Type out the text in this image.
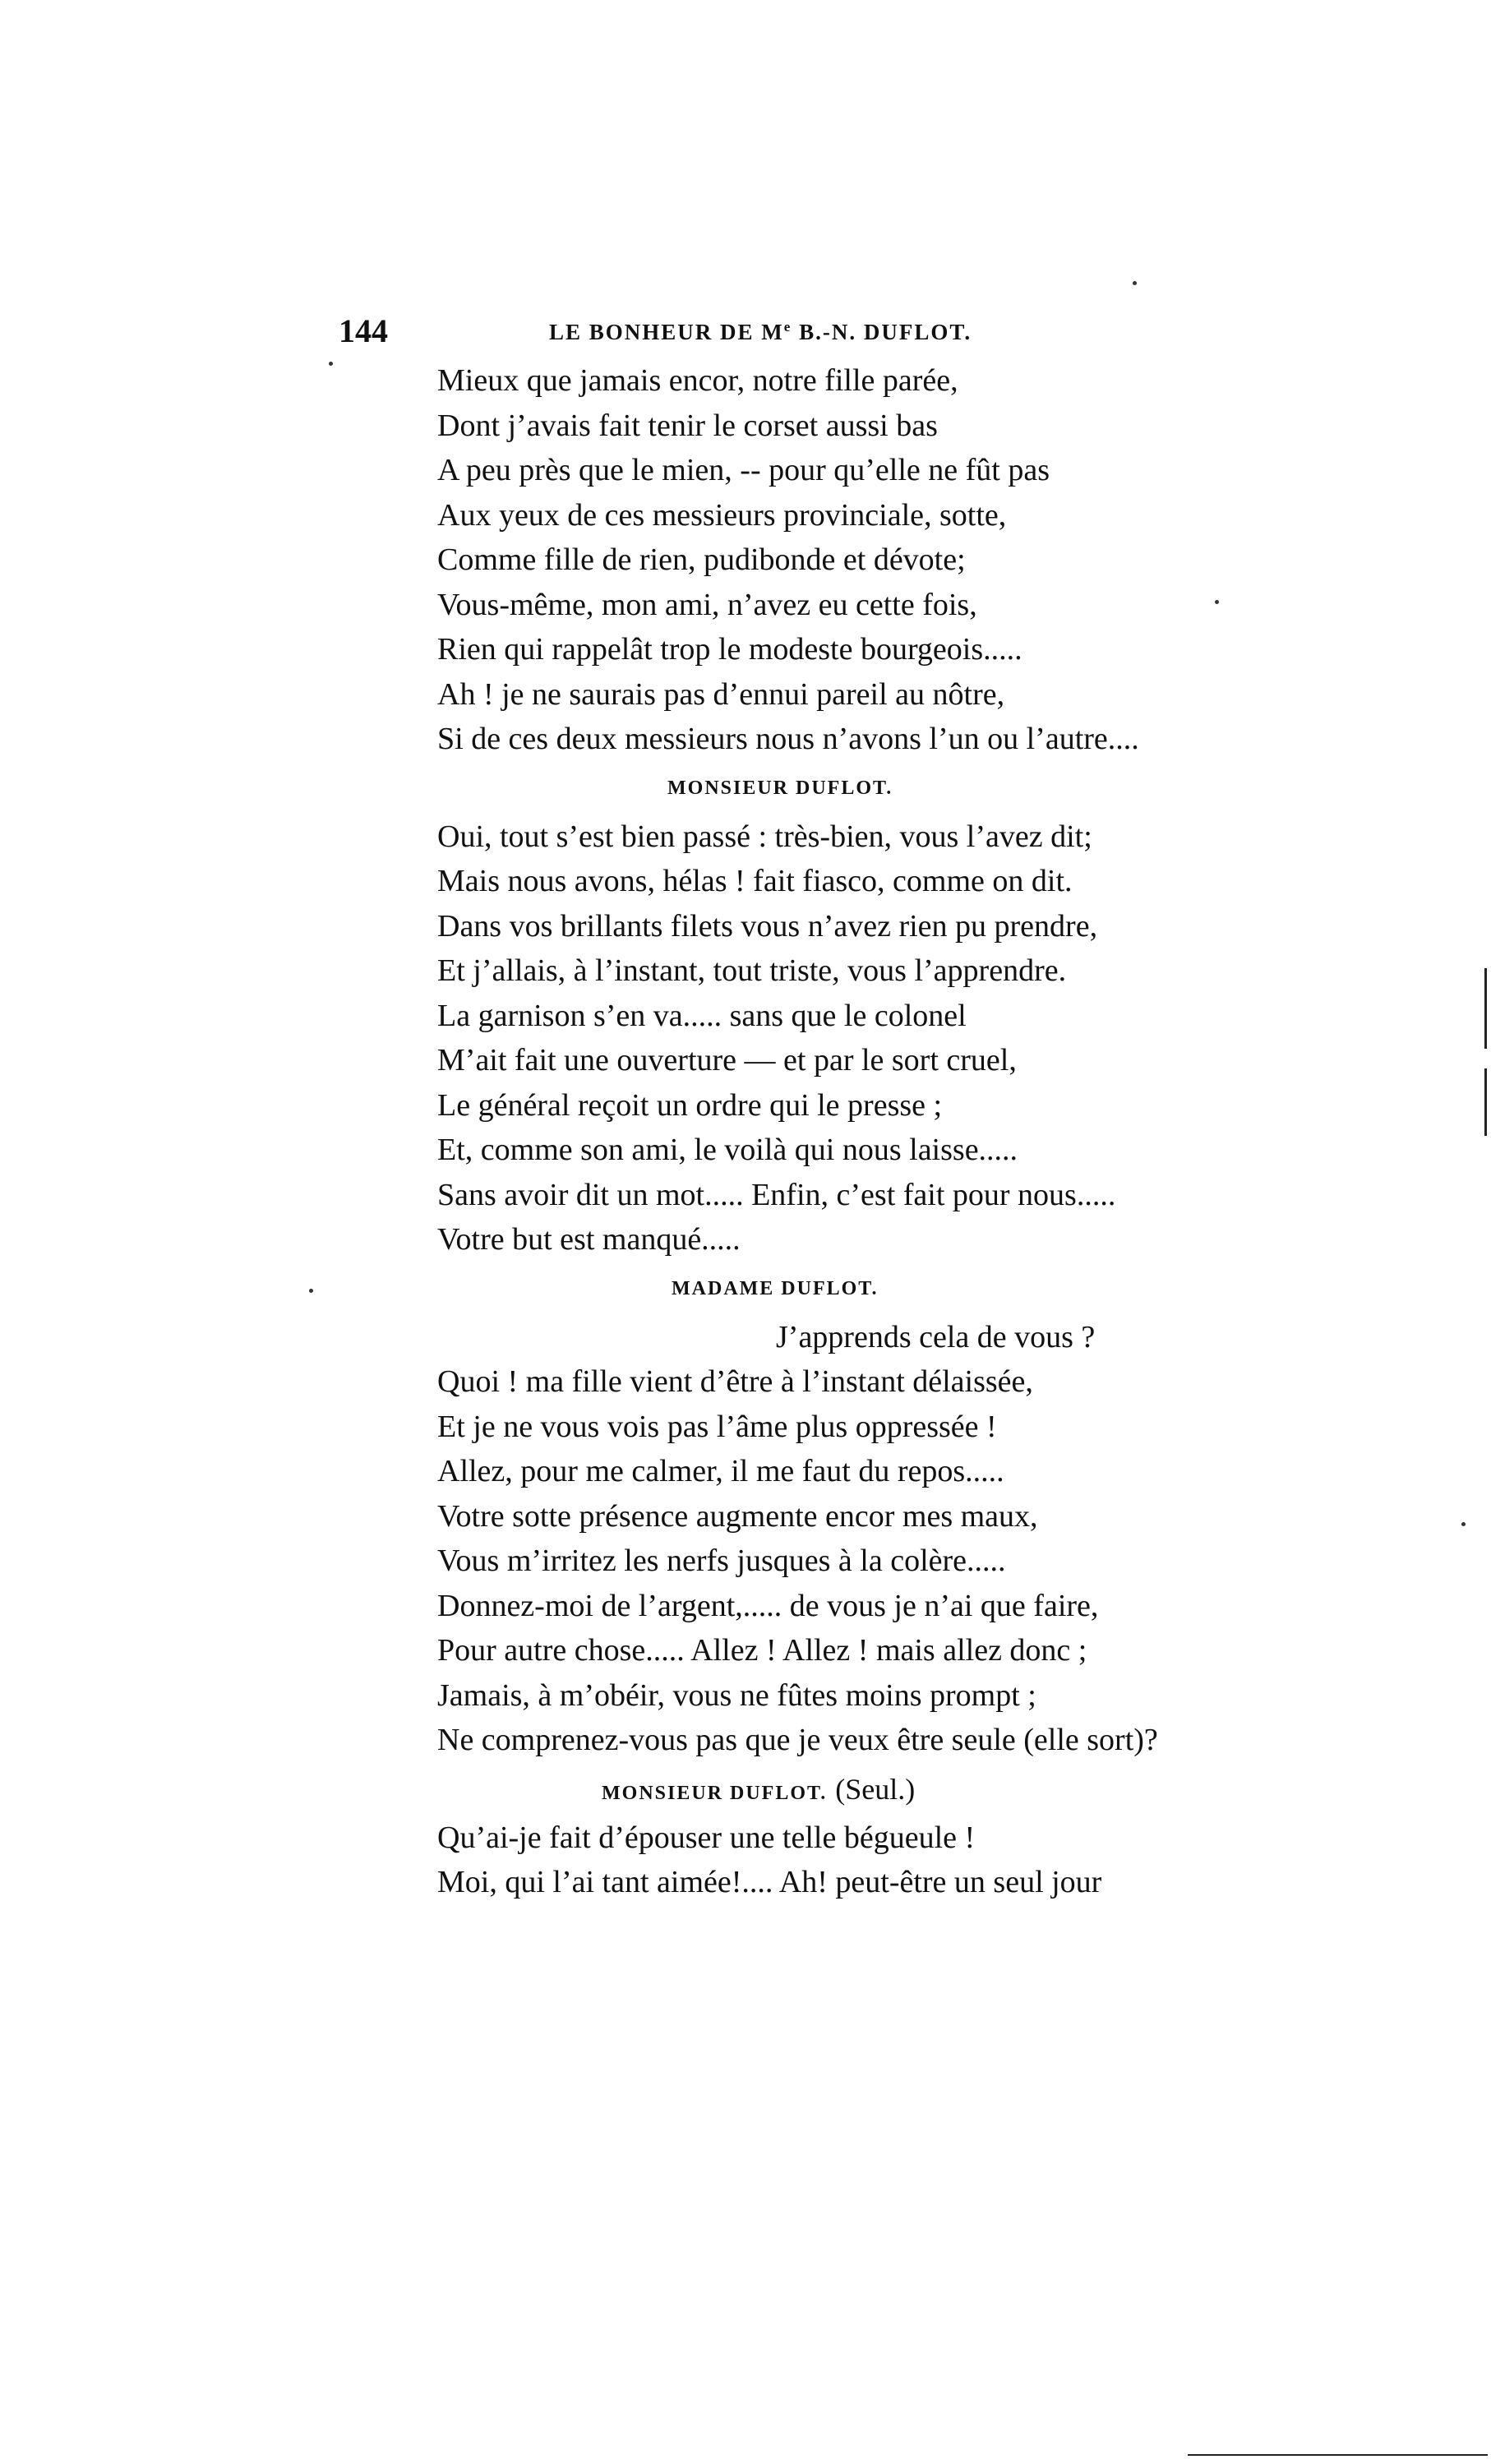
144	LE BONHEUR DE Me B.-N. DUFLOT.
Mieux que jamais encor, notre fille parée,
Dont j’avais fait tenir le corset aussi bas
A peu près que le mien, -- pour qu’elle ne fût pas
Aux yeux de ces messieurs provinciale, sotte,
Comme fille de rien, pudibonde et dévote;
Vous-même, mon ami, n’avez eu cette fois,
Rien qui rappelât trop le modeste bourgeois.....
Ah ! je ne saurais pas d’ennui pareil au nôtre,
Si de ces deux messieurs nous n’avons l’un ou l’autre....
MONSIEUR DUFLOT.
Oui, tout s’est bien passé : très-bien, vous l’avez dit;
Mais nous avons, hélas ! fait fiasco, comme on dit.
Dans vos brillants filets vous n’avez rien pu prendre,
Et j’allais, à l’instant, tout triste, vous l’apprendre.
La garnison s’en va..... sans que le colonel
M’ait fait une ouverture — et par le sort cruel,
Le général reçoit un ordre qui le presse ;
Et, comme son ami, le voilà qui nous laisse.....
Sans avoir dit un mot..... Enfin, c’est fait pour nous.....
Votre but est manqué.....
MADAME DUFLOT.
J’apprends cela de vous ?
Quoi ! ma fille vient d’être à l’instant délaissée,
Et je ne vous vois pas l’âme plus oppressée !
Allez, pour me calmer, il me faut du repos.....
Votre sotte présence augmente encor mes maux,
Vous m’irritez les nerfs jusques à la colère.....
Donnez-moi de l’argent,..... de vous je n’ai que faire,
Pour autre chose..... Allez ! Allez ! mais allez donc ;
Jamais, à m’obéir, vous ne fûtes moins prompt ;
Ne comprenez-vous pas que je veux être seule (elle sort)?
MONSIEUR DUFLOT. (Seul.)
Qu’ai-je fait d’épouser une telle bégueule !
Moi, qui l’ai tant aimée!.... Ah! peut-être un seul jour
